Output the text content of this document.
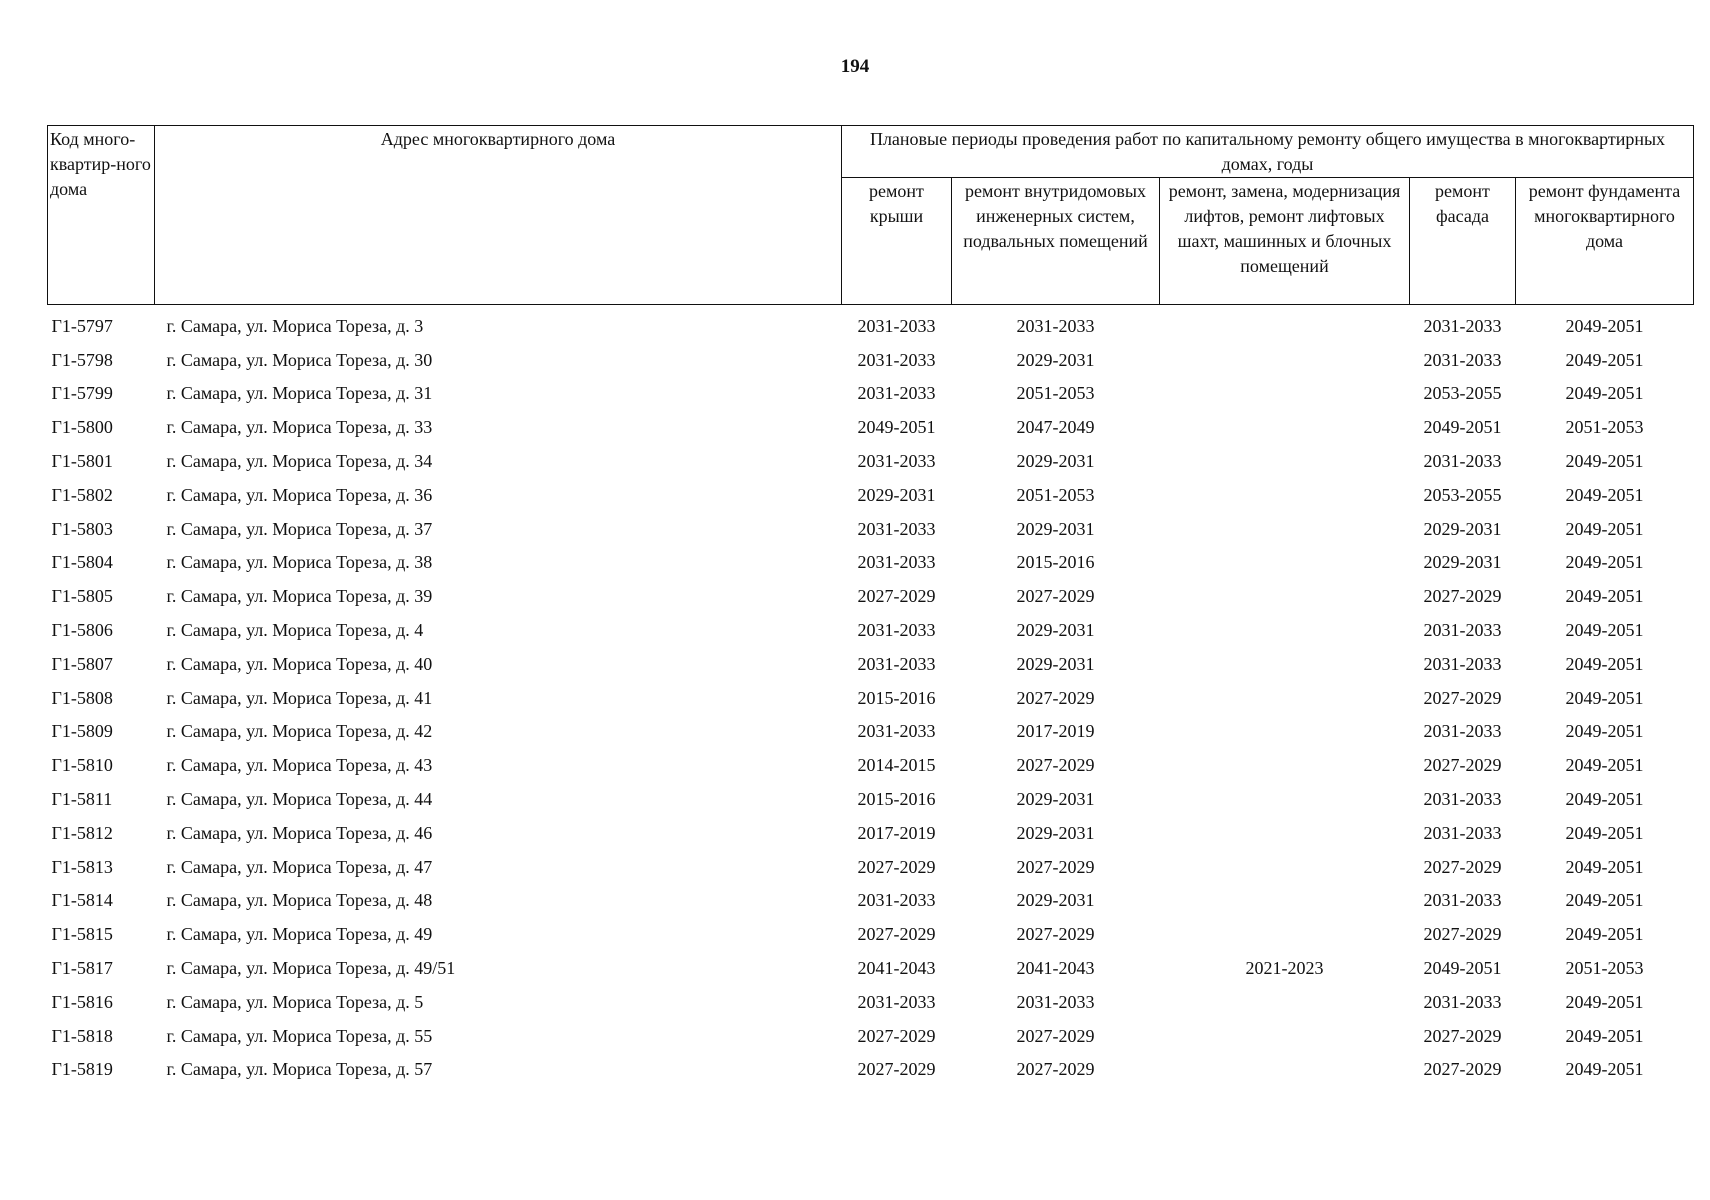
194
Код много-квартир-ного дома	Адрес многоквартирного дома	Плановые периоды проведения работ по капитальному ремонту общего имущества в многоквартирных домах, годы				
		ремонт крыши	ремонт внутридомовых инженерных систем, подвальных помещений	ремонт, замена, модернизация лифтов, ремонт лифтовых шахт, машинных и блочных помещений	ремонт фасада	ремонт фундамента многоквартирного дома
Г1-5797	г. Самара, ул. Мориса Тореза, д. 3	2031-2033	2031-2033		2031-2033	2049-2051
Г1-5798	г. Самара, ул. Мориса Тореза, д. 30	2031-2033	2029-2031		2031-2033	2049-2051
Г1-5799	г. Самара, ул. Мориса Тореза, д. 31	2031-2033	2051-2053		2053-2055	2049-2051
Г1-5800	г. Самара, ул. Мориса Тореза, д. 33	2049-2051	2047-2049		2049-2051	2051-2053
Г1-5801	г. Самара, ул. Мориса Тореза, д. 34	2031-2033	2029-2031		2031-2033	2049-2051
Г1-5802	г. Самара, ул. Мориса Тореза, д. 36	2029-2031	2051-2053		2053-2055	2049-2051
Г1-5803	г. Самара, ул. Мориса Тореза, д. 37	2031-2033	2029-2031		2029-2031	2049-2051
Г1-5804	г. Самара, ул. Мориса Тореза, д. 38	2031-2033	2015-2016		2029-2031	2049-2051
Г1-5805	г. Самара, ул. Мориса Тореза, д. 39	2027-2029	2027-2029		2027-2029	2049-2051
Г1-5806	г. Самара, ул. Мориса Тореза, д. 4	2031-2033	2029-2031		2031-2033	2049-2051
Г1-5807	г. Самара, ул. Мориса Тореза, д. 40	2031-2033	2029-2031		2031-2033	2049-2051
Г1-5808	г. Самара, ул. Мориса Тореза, д. 41	2015-2016	2027-2029		2027-2029	2049-2051
Г1-5809	г. Самара, ул. Мориса Тореза, д. 42	2031-2033	2017-2019		2031-2033	2049-2051
Г1-5810	г. Самара, ул. Мориса Тореза, д. 43	2014-2015	2027-2029		2027-2029	2049-2051
Г1-5811	г. Самара, ул. Мориса Тореза, д. 44	2015-2016	2029-2031		2031-2033	2049-2051
Г1-5812	г. Самара, ул. Мориса Тореза, д. 46	2017-2019	2029-2031		2031-2033	2049-2051
Г1-5813	г. Самара, ул. Мориса Тореза, д. 47	2027-2029	2027-2029		2027-2029	2049-2051
Г1-5814	г. Самара, ул. Мориса Тореза, д. 48	2031-2033	2029-2031		2031-2033	2049-2051
Г1-5815	г. Самара, ул. Мориса Тореза, д. 49	2027-2029	2027-2029		2027-2029	2049-2051
Г1-5817	г. Самара, ул. Мориса Тореза, д. 49/51	2041-2043	2041-2043	2021-2023	2049-2051	2051-2053
Г1-5816	г. Самара, ул. Мориса Тореза, д. 5	2031-2033	2031-2033		2031-2033	2049-2051
Г1-5818	г. Самара, ул. Мориса Тореза, д. 55	2027-2029	2027-2029		2027-2029	2049-2051
Г1-5819	г. Самара, ул. Мориса Тореза, д. 57	2027-2029	2027-2029		2027-2029	2049-2051
